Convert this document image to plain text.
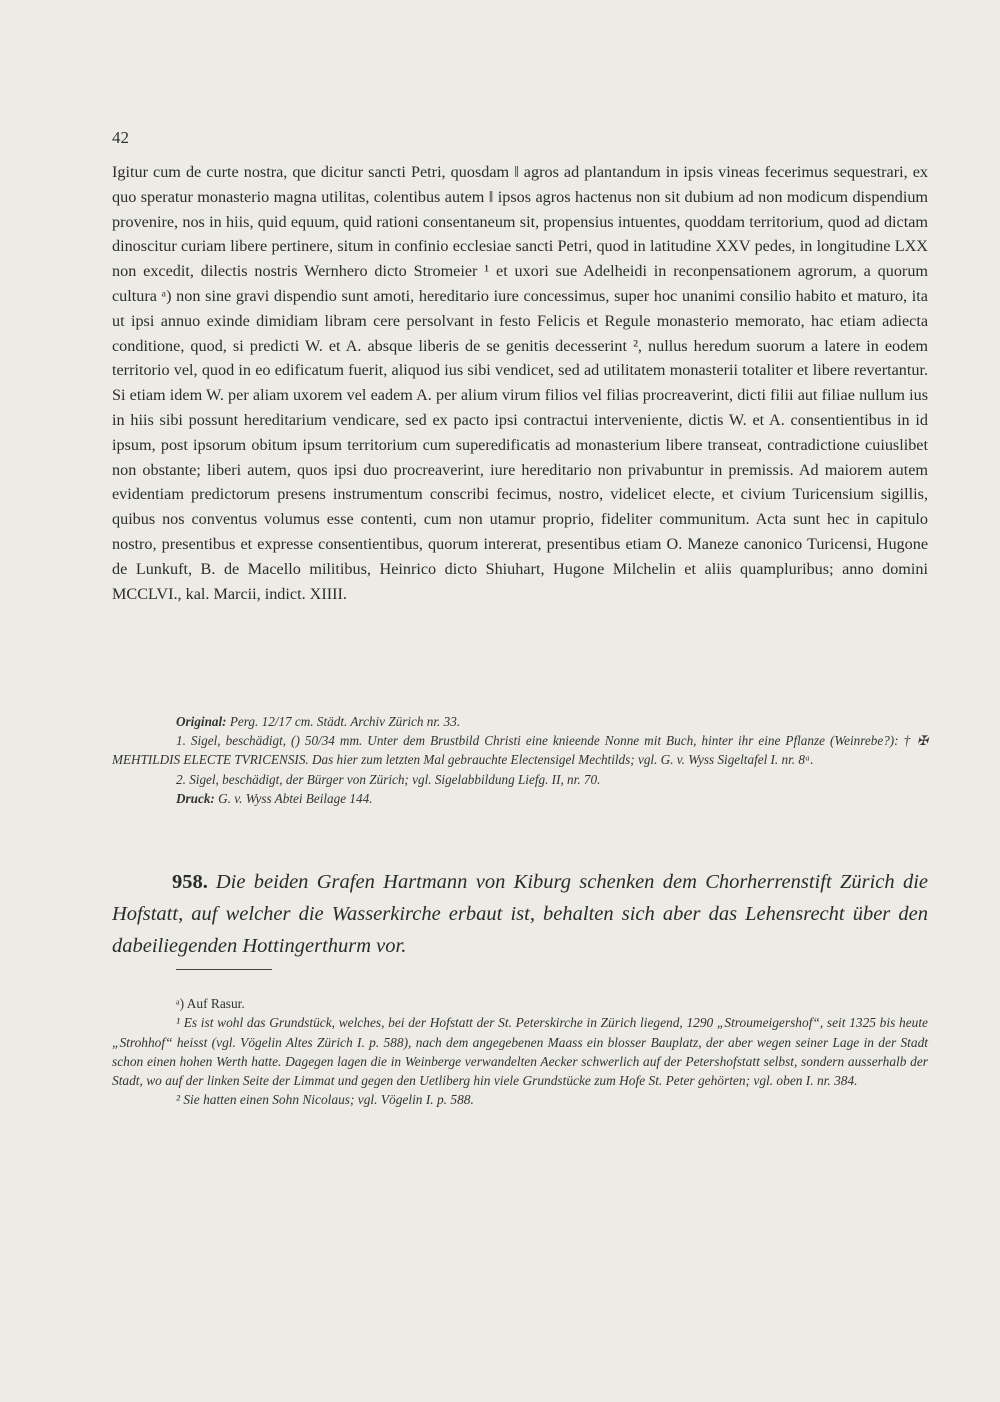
42

Igitur cum de curte nostra, que dicitur sancti Petri, quosdam ‖ agros ad plantandum in ipsis vineas fecerimus sequestrari, ex quo speratur monasterio magna utilitas, colentibus autem ‖ ipsos agros hactenus non sit dubium ad non modicum dispendium provenire, nos in hiis, quid equum, quid rationi consentaneum sit, propensius intuentes, quoddam territorium, quod ad dictam dinoscitur curiam libere pertinere, situm in confinio ecclesiae sancti Petri, quod in latitudine XXV pedes, in longitudine LXX non excedit, dilectis nostris Wernhero dicto Stromeier ¹ et uxori sue Adelheidi in reconpensationem agrorum, a quorum cultura ᵃ) non sine gravi dispendio sunt amoti, hereditario iure concessimus, super hoc unanimi consilio habito et maturo, ita ut ipsi annuo exinde dimidiam libram cere persolvant in festo Felicis et Regule monasterio memorato, hac etiam adiecta conditione, quod, si predicti W. et A. absque liberis de se genitis decesserint ², nullus heredum suorum a latere in eodem territorio vel, quod in eo edificatum fuerit, aliquod ius sibi vendicet, sed ad utilitatem monasterii totaliter et libere revertantur. Si etiam idem W. per aliam uxorem vel eadem A. per alium virum filios vel filias procreaverint, dicti filii aut filiae nullum ius in hiis sibi possunt hereditarium vendicare, sed ex pacto ipsi contractui interveniente, dictis W. et A. consentientibus in id ipsum, post ipsorum obitum ipsum territorium cum superedificatis ad monasterium libere transeat, contradictione cuiuslibet non obstante; liberi autem, quos ipsi duo procreaverint, iure hereditario non privabuntur in premissis. Ad maiorem autem evidentiam predictorum presens instrumentum conscribi fecimus, nostro, videlicet electe, et civium Turicensium sigillis, quibus nos conventus volumus esse contenti, cum non utamur proprio, fideliter communitum. Acta sunt hec in capitulo nostro, presentibus et expresse consentientibus, quorum intererat, presentibus etiam O. Maneze canonico Turicensi, Hugone de Lunkuft, B. de Macello militibus, Heinrico dicto Shiuhart, Hugone Milchelin et aliis quampluribus; anno domini MCCLVI., kal. Marcii, indict. XIIII.

Original: Perg. 12/17 cm. Städt. Archiv Zürich nr. 33.

1. Sigel, beschädigt, () 50/34 mm. Unter dem Brustbild Christi eine knieende Nonne mit Buch, hinter ihr eine Pflanze (Weinrebe?): † ✠ MEHTILDIS ELECTE TVRICENSIS. Das hier zum letzten Mal gebrauchte Electensigel Mechtilds; vgl. G. v. Wyss Sigeltafel I. nr. 8ᵃ.

2. Sigel, beschädigt, der Bürger von Zürich; vgl. Sigelabbildung Liefg. II, nr. 70.

Druck: G. v. Wyss Abtei Beilage 144.

958. Die beiden Grafen Hartmann von Kiburg schenken dem Chorherrenstift Zürich die Hofstatt, auf welcher die Wasserkirche erbaut ist, behalten sich aber das Lehensrecht über den dabeiliegenden Hottingerthurm vor.

ᵃ) Auf Rasur.

¹ Es ist wohl das Grundstück, welches, bei der Hofstatt der St. Peterskirche in Zürich liegend, 1290 „Stroumeigershof“, seit 1325 bis heute „Strohhof“ heisst (vgl. Vögelin Altes Zürich I. p. 588), nach dem angegebenen Maass ein blosser Bauplatz, der aber wegen seiner Lage in der Stadt schon einen hohen Werth hatte. Dagegen lagen die in Weinberge verwandelten Aecker schwerlich auf der Petershofstatt selbst, sondern ausserhalb der Stadt, wo auf der linken Seite der Limmat und gegen den Uetliberg hin viele Grundstücke zum Hofe St. Peter gehörten; vgl. oben I. nr. 384.

² Sie hatten einen Sohn Nicolaus; vgl. Vögelin I. p. 588.
